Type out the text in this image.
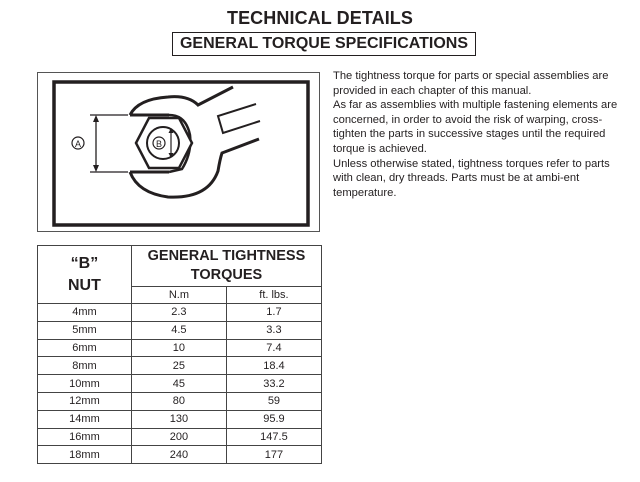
TECHNICAL DETAILS
GENERAL TORQUE SPECIFICATIONS
B
A

The tightness torque for parts or special assemblies are provided in each chapter of this manual.

As far as assemblies with multiple fastening elements are concerned, in order to avoid the risk of warping, cross-tighten the parts in successive stages until the required torque is achieved.

Unless otherwise stated, tightness torques refer to parts with clean, dry threads. Parts must be at ambi-ent temperature.

“B”
NUT

GENERAL TIGHTNESS
TORQUES

	N.m	ft. lbs.
4mm	2.3	1.7
5mm	4.5	3.3
6mm	10	7.4
8mm	25	18.4
10mm	45	33.2
12mm	80	59
14mm	130	95.9
16mm	200	147.5
18mm	240	177
